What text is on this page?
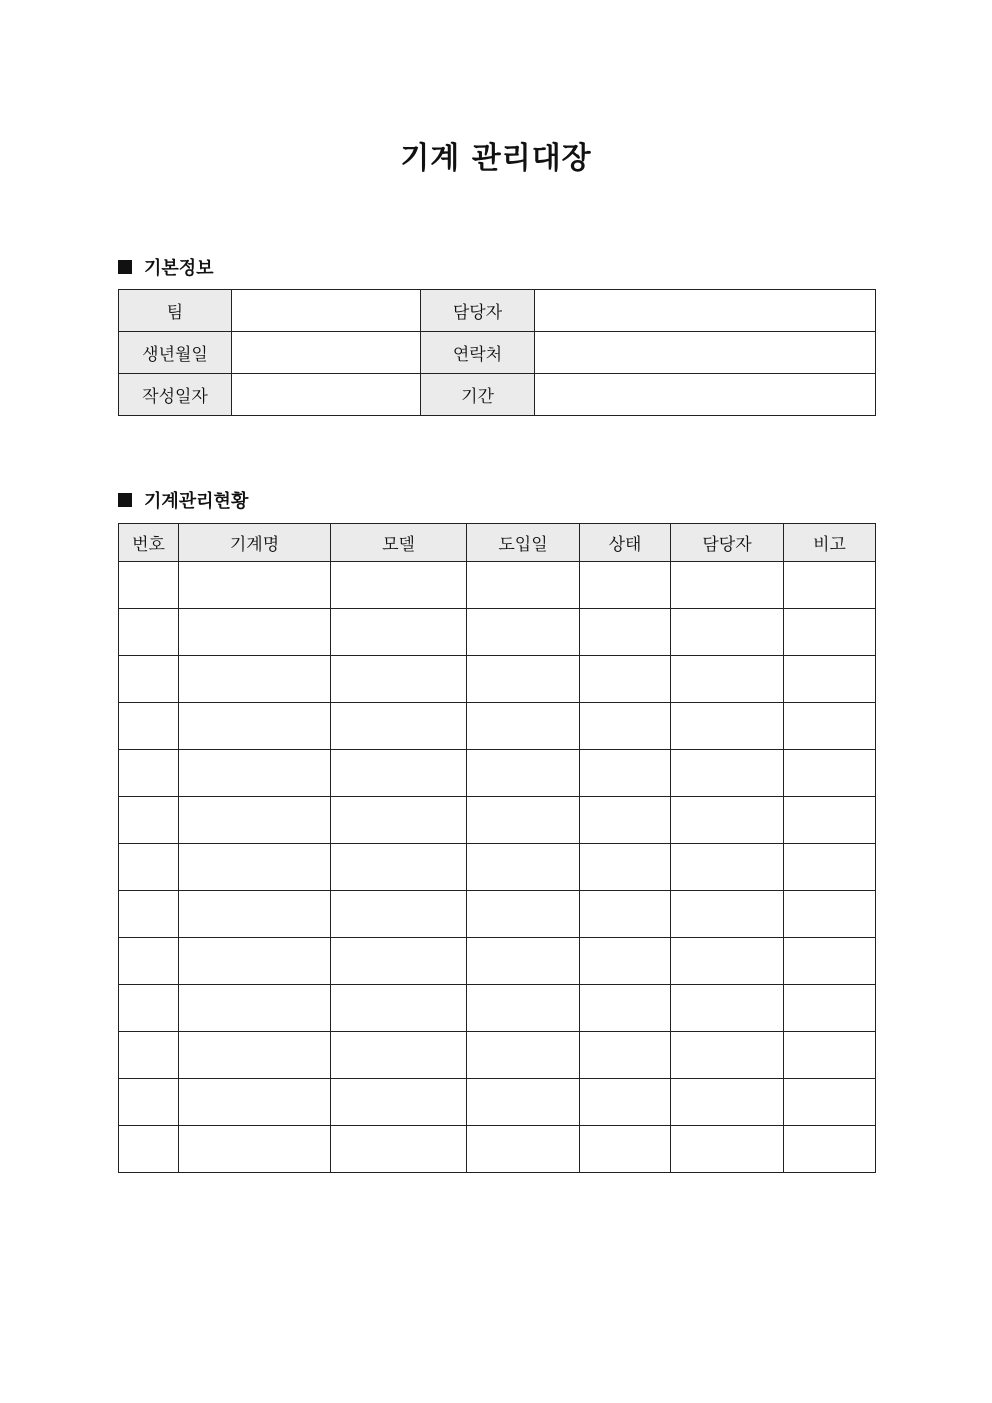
기계 관리대장
기본정보
팀		담당자	
생년월일		연락처	
작성일자		기간	
기계관리현황
번호	기계명	모델	도입일	상태	담당자	비고
